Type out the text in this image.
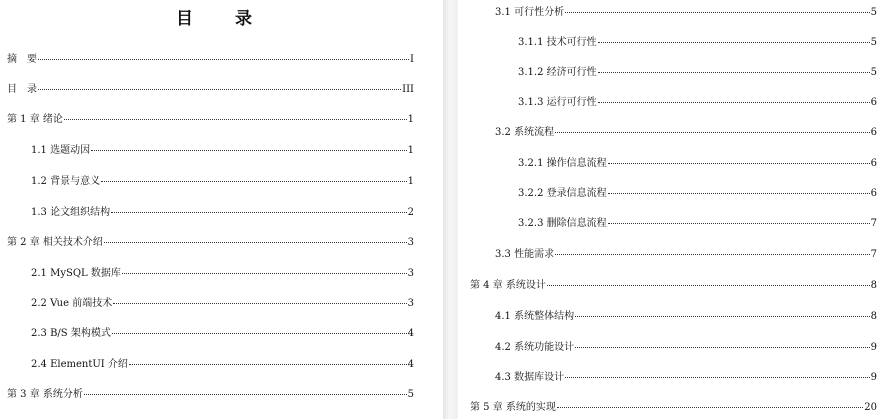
目 录
摘　要	I
目　录	III
第 1 章 绪论	1
1.1 选题动因	1
1.2 背景与意义	1
1.3 论文组织结构	2
第 2 章 相关技术介绍	3
2.1 MySQL 数据库	3
2.2 Vue 前端技术	3
2.3 B/S 架构模式	4
2.4 ElementUI 介绍	4
第 3 章 系统分析	5
3.1 可行性分析	5
3.1.1 技术可行性	5
3.1.2 经济可行性	5
3.1.3 运行可行性	6
3.2 系统流程	6
3.2.1 操作信息流程	6
3.2.2 登录信息流程	6
3.2.3 删除信息流程	7
3.3 性能需求	7
第 4 章 系统设计	8
4.1 系统整体结构	8
4.2 系统功能设计	9
4.3 数据库设计	9
第 5 章 系统的实现	20
